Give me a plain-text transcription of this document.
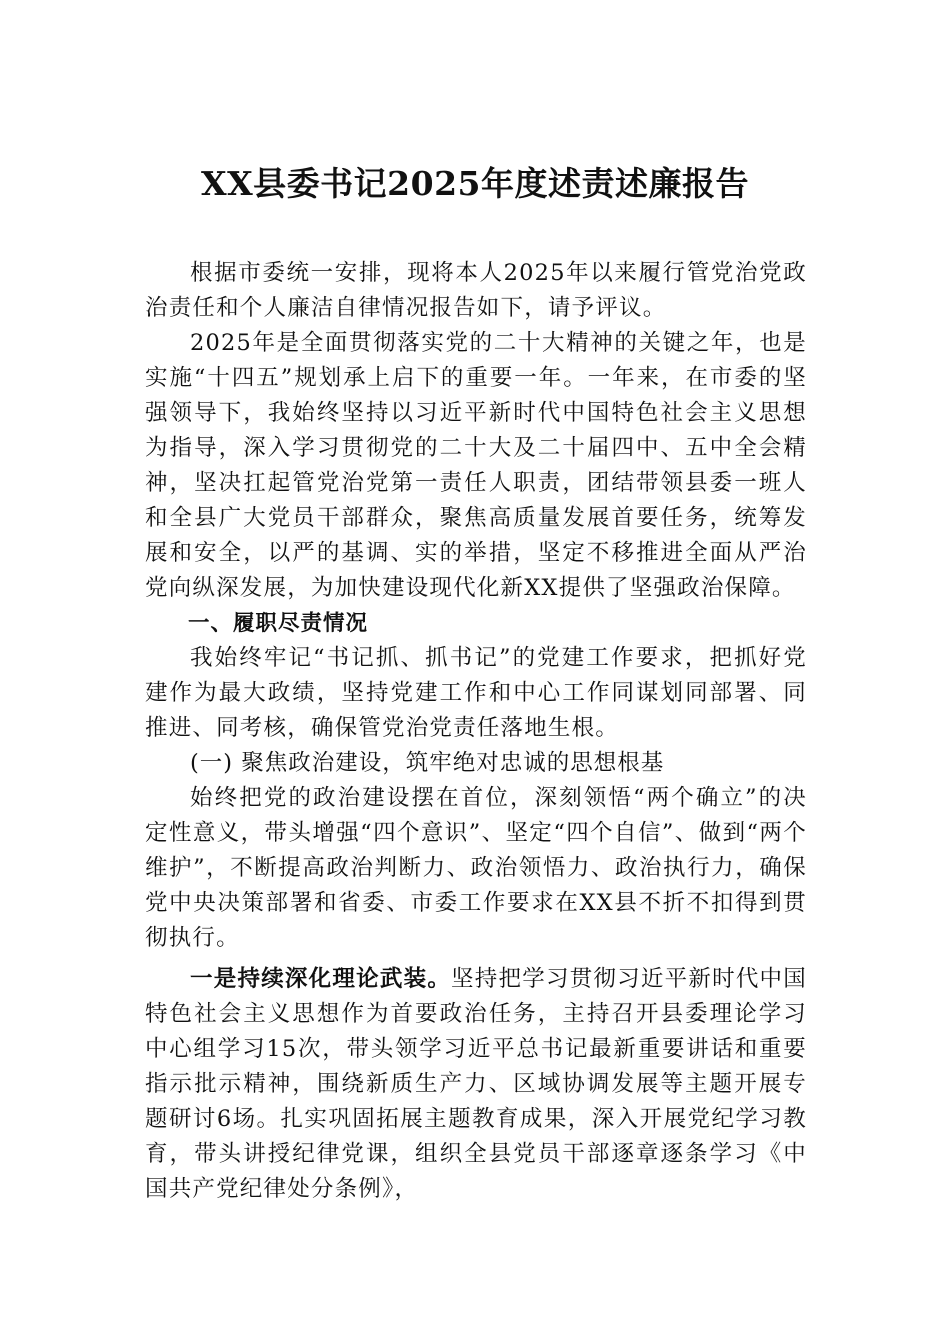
XX县委书记2025年度述责述廉报告

根据市委统一安排，现将本人2025年以来履行管党治党政治责任和个人廉洁自律情况报告如下，请予评议。

2025年是全面贯彻落实党的二十大精神的关键之年，也是实施“十四五”规划承上启下的重要一年。一年来，在市委的坚强领导下，我始终坚持以习近平新时代中国特色社会主义思想为指导，深入学习贯彻党的二十大及二十届四中、五中全会精神，坚决扛起管党治党第一责任人职责，团结带领县委一班人和全县广大党员干部群众，聚焦高质量发展首要任务，统筹发展和安全，以严的基调、实的举措，坚定不移推进全面从严治党向纵深发展，为加快建设现代化新XX提供了坚强政治保障。

一、履职尽责情况

我始终牢记“书记抓、抓书记”的党建工作要求，把抓好党建作为最大政绩，坚持党建工作和中心工作同谋划同部署、同推进、同考核，确保管党治党责任落地生根。

(一) 聚焦政治建设，筑牢绝对忠诚的思想根基

始终把党的政治建设摆在首位，深刻领悟“两个确立”的决定性意义，带头增强“四个意识”、坚定“四个自信”、做到“两个维护”，不断提高政治判断力、政治领悟力、政治执行力，确保党中央决策部署和省委、市委工作要求在XX县不折不扣得到贯彻执行。

一是持续深化理论武装。坚持把学习贯彻习近平新时代中国特色社会主义思想作为首要政治任务，主持召开县委理论学习中心组学习15次，带头领学习近平总书记最新重要讲话和重要指示批示精神，围绕新质生产力、区域协调发展等主题开展专题研讨6场。扎实巩固拓展主题教育成果，深入开展党纪学习教育，带头讲授纪律党课，组织全县党员干部逐章逐条学习《中国共产党纪律处分条例》，
